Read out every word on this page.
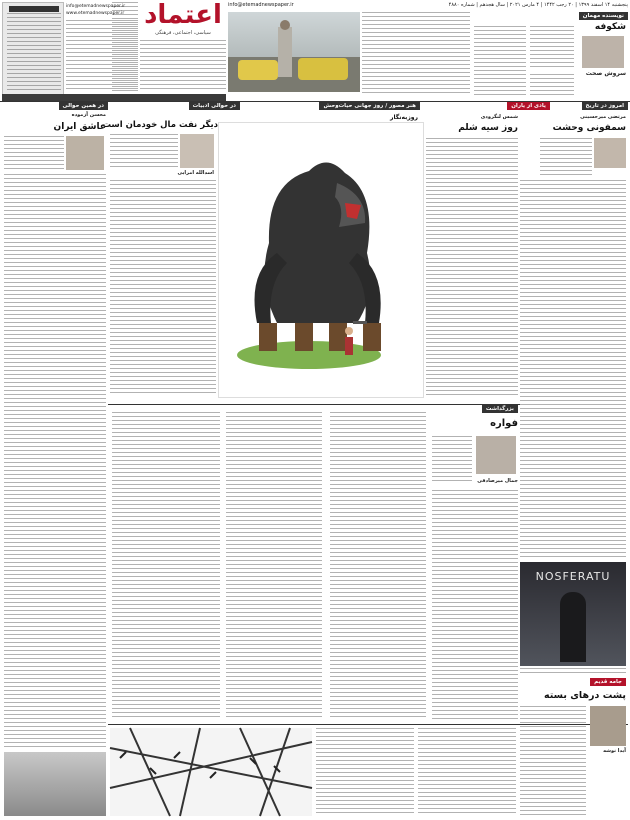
info@etemadnewspaper.ir
www.etemadnewspaper.ir اعتماد
سیاسی، اجتماعی، فرهنگی
info@etemadnewspaper.ir	پنجشنبه ۱۴ اسفند ۱۳۹۹ | ۲۰ رجب ۱۴۴۲ | ۴ مارس ۲۰۲۱ | سال هجدهم | شماره ۴۸۸۰
نویسنده مهمان
شکوفه
سروش صحت
امروز در تاریخ
یادی از یاران
هنر مصور / روز جهانی حیات‌وحش
در حوالی ادبیات
در همین حوالی
مرتضی میرحسینی
سمفونی وحشت
NOSFERATU
شمس لنگرودی
روز سیه شلم
روزبه‌نگار
دیگر نفت مال خودمان است
اسدالله امرایی
محسن آزموده
عاشق ایران
بزرگداشت
فواره
جمال میرصادقی
جامه قدیم
پشت درهای بسته
آیدا نوشه
